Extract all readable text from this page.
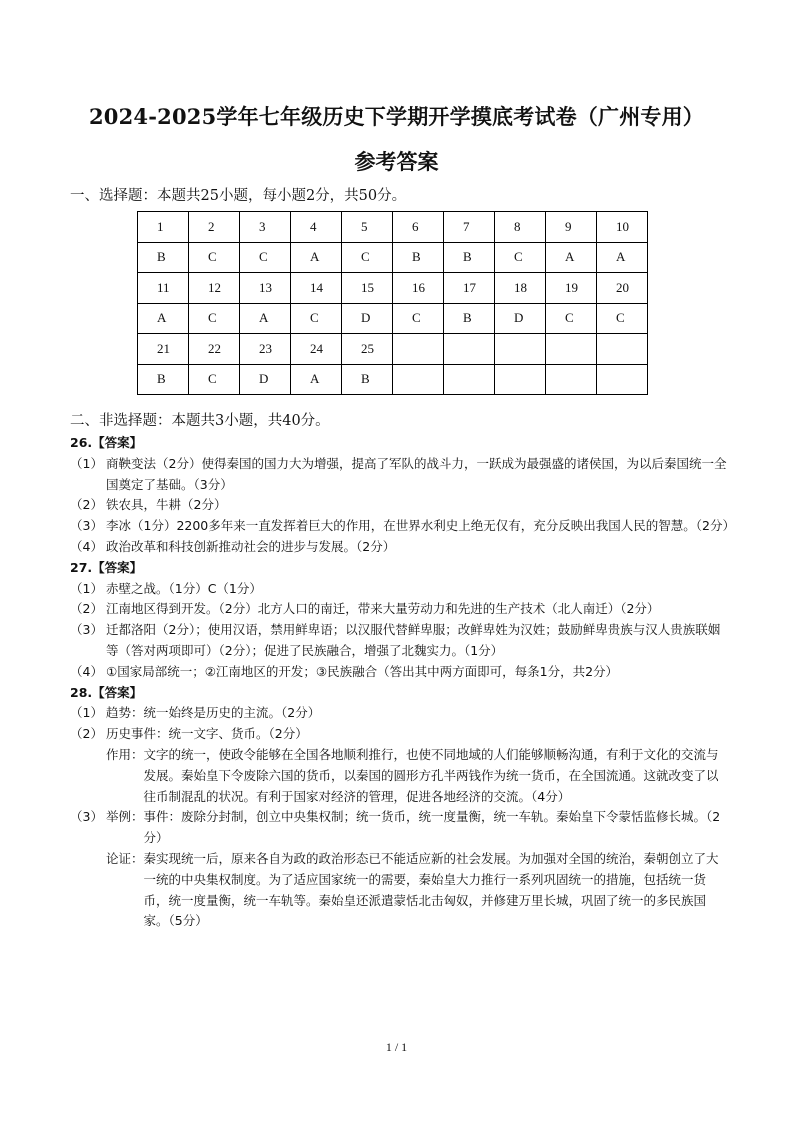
2024-2025学年七年级历史下学期开学摸底考试卷（广州专用）
参考答案
一、选择题：本题共25小题，每小题2分，共50分。
1	2	3	4	5	6	7	8	9	10
B	C	C	A	C	B	B	C	A	A
11	12	13	14	15	16	17	18	19	20
A	C	A	C	D	C	B	D	C	C
21	22	23	24	25					
B	C	D	A	B					
二、非选择题：本题共3小题，共40分。
26.【答案】
（1） 商鞅变法（2分）使得秦国的国力大为增强，提高了军队的战斗力，一跃成为最强盛的诸侯国，为以后秦国统一全国奠定了基础。（3分）
（2） 铁农具，牛耕（2分）
（3） 李冰（1分）2200多年来一直发挥着巨大的作用，在世界水利史上绝无仅有，充分反映出我国人民的智慧。（2分）
（4） 政治改革和科技创新推动社会的进步与发展。（2分）
27.【答案】
（1） 赤壁之战。（1分）C（1分）
（2） 江南地区得到开发。（2分）北方人口的南迁，带来大量劳动力和先进的生产技术（北人南迁）（2分）
（3） 迁都洛阳（2分）；使用汉语，禁用鲜卑语；以汉服代替鲜卑服；改鲜卑姓为汉姓；鼓励鲜卑贵族与汉人贵族联姻等（答对两项即可）（2分）；促进了民族融合，增强了北魏实力。（1分）
（4） ①国家局部统一；②江南地区的开发；③民族融合（答出其中两方面即可，每条1分，共2分）
28.【答案】
（1） 趋势：统一始终是历史的主流。（2分）
（2） 历史事件：统一文字、货币。（2分）
作用： 文字的统一，使政令能够在全国各地顺利推行，也使不同地域的人们能够顺畅沟通，有利于文化的交流与发展。秦始皇下令废除六国的货币，以秦国的圆形方孔半两钱作为统一货币，在全国流通。这就改变了以往币制混乱的状况。有利于国家对经济的管理，促进各地经济的交流。（4分）
（3） 举例： 事件：废除分封制，创立中央集权制；统一货币，统一度量衡，统一车轨。秦始皇下令蒙恬监修长城。（2分）
论证： 秦实现统一后，原来各自为政的政治形态已不能适应新的社会发展。为加强对全国的统治，秦朝创立了大一统的中央集权制度。为了适应国家统一的需要，秦始皇大力推行一系列巩固统一的措施，包括统一货币，统一度量衡，统一车轨等。秦始皇还派遣蒙恬北击匈奴，并修建万里长城，巩固了统一的多民族国家。（5分）
1 / 1
